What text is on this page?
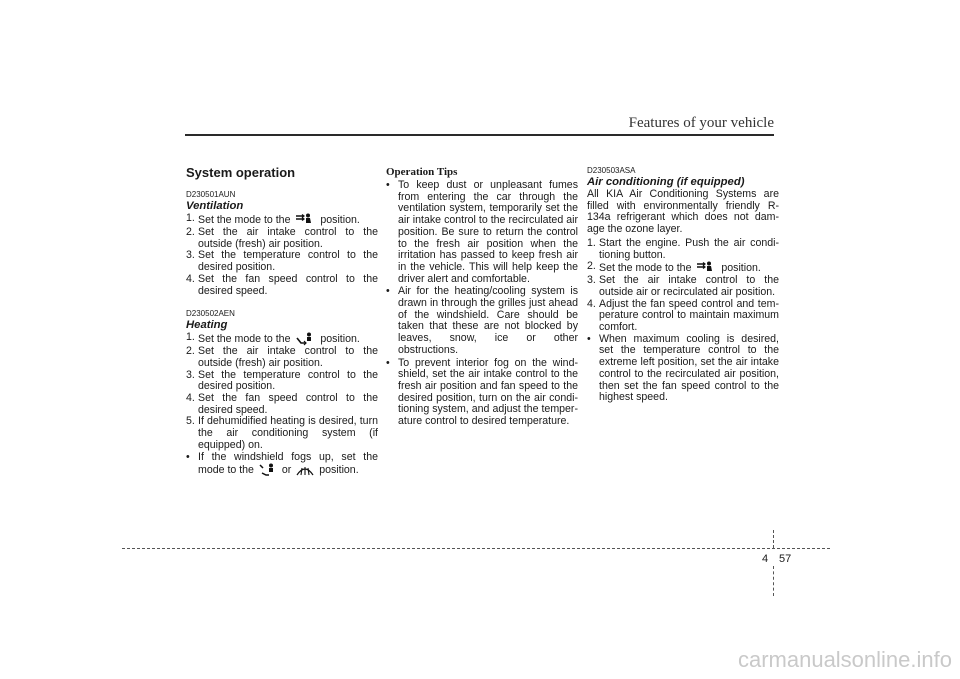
Features of your vehicle
System operation
D230501AUN
Ventilation
1. Set the mode to the	position.
2. Set the air intake control to the outside (fresh) air position.
3. Set the temperature control to the desired position.
4. Set the fan speed control to the desired speed.
D230502AEN
Heating
1. Set the mode to the	position.
2. Set the air intake control to the outside (fresh) air position.
3. Set the temperature control to the desired position.
4. Set the fan speed control to the desired speed.
5. If dehumidified heating is desired, turn the air conditioning system (if equipped) on.
• If the windshield fogs up, set the mode to the	or	position.
Operation Tips
• To keep dust or unpleasant fumes from entering the car through the ventilation system, temporarily set the air intake control to the recirculated air position. Be sure to return the control to the fresh air position when the irritation has passed to keep fresh air in the vehicle. This will help keep the driver alert and comfortable.
• Air for the heating/cooling system is drawn in through the grilles just ahead of the windshield. Care should be taken that these are not blocked by leaves, snow, ice or other obstructions.
• To prevent interior fog on the wind-shield, set the air intake control to the fresh air position and fan speed to the desired position, turn on the air condi-tioning system, and adjust the temper-ature control to desired temperature.
D230503ASA
Air conditioning (if equipped)
All KIA Air Conditioning Systems are filled with environmentally friendly R-134a refrigerant which does not dam-age the ozone layer.
1. Start the engine. Push the air condi-tioning button.
2. Set the mode to the	position.
3. Set the air intake control to the outside air or recirculated air position.
4. Adjust the fan speed control and tem-perature control to maintain maximum comfort.
• When maximum cooling is desired, set the temperature control to the extreme left position, set the air intake control to the recirculated air position, then set the fan speed control to the highest speed.
4 57
carmanualsonline.info
